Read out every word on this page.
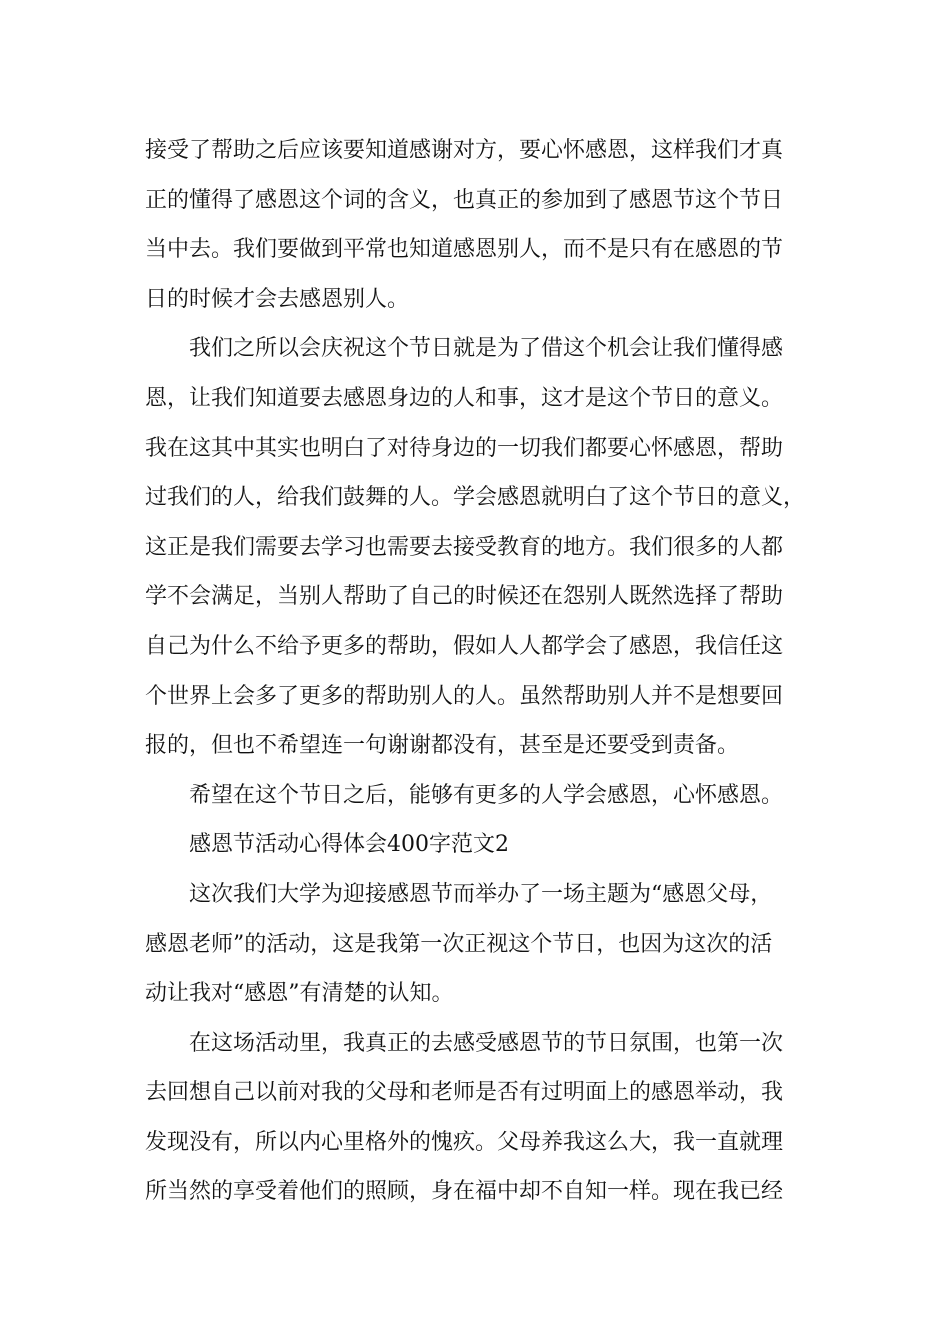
接受了帮助之后应该要知道感谢对方，要心怀感恩，这样我们才真
正的懂得了感恩这个词的含义，也真正的参加到了感恩节这个节日
当中去。我们要做到平常也知道感恩别人，而不是只有在感恩的节
日的时候才会去感恩别人。
我们之所以会庆祝这个节日就是为了借这个机会让我们懂得感
恩，让我们知道要去感恩身边的人和事，这才是这个节日的意义。
我在这其中其实也明白了对待身边的一切我们都要心怀感恩，帮助
过我们的人，给我们鼓舞的人。学会感恩就明白了这个节日的意义，
这正是我们需要去学习也需要去接受教育的地方。我们很多的人都
学不会满足，当别人帮助了自己的时候还在怨别人既然选择了帮助
自己为什么不给予更多的帮助，假如人人都学会了感恩，我信任这
个世界上会多了更多的帮助别人的人。虽然帮助别人并不是想要回
报的，但也不希望连一句谢谢都没有，甚至是还要受到责备。
希望在这个节日之后，能够有更多的人学会感恩，心怀感恩。
感恩节活动心得体会400字范文2
这次我们大学为迎接感恩节而举办了一场主题为“感恩父母，
感恩老师”的活动，这是我第一次正视这个节日，也因为这次的活
动让我对“感恩”有清楚的认知。
在这场活动里，我真正的去感受感恩节的节日氛围，也第一次
去回想自己以前对我的父母和老师是否有过明面上的感恩举动，我
发现没有，所以内心里格外的愧疚。父母养我这么大，我一直就理
所当然的享受着他们的照顾，身在福中却不自知一样。现在我已经
